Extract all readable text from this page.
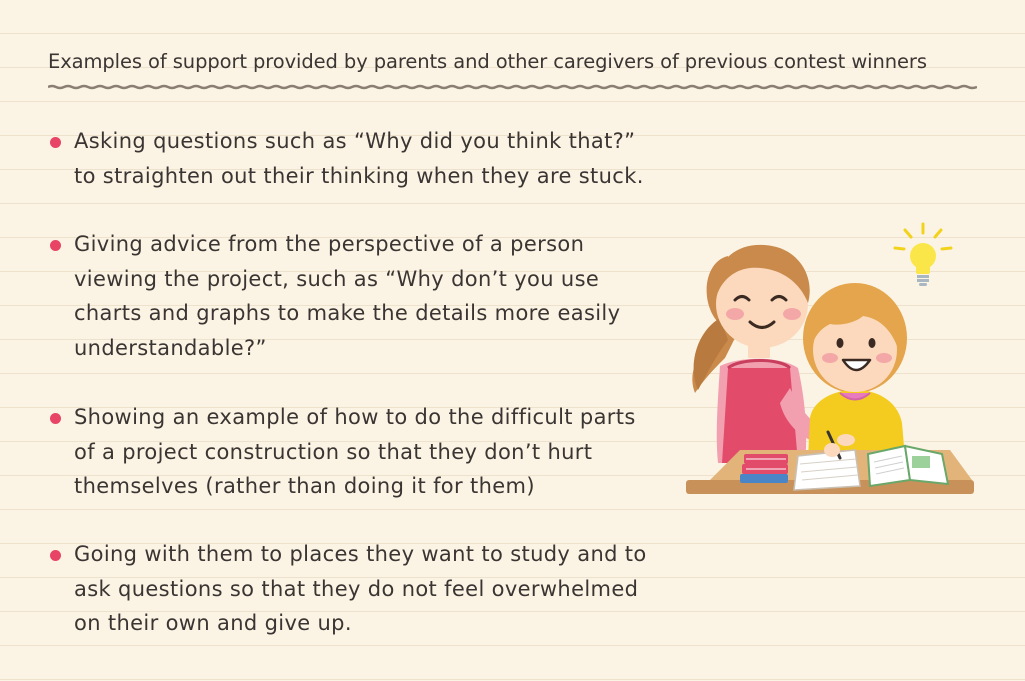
Examples of support provided by parents and other caregivers of previous contest winners
Asking questions such as “Why did you think that?”
to straighten out their thinking when they are stuck.
Giving advice from the perspective of a person
viewing the project, such as “Why don’t you use
charts and graphs to make the details more easily
understandable?”
Showing an example of how to do the difficult parts
of a project construction so that they don’t hurt
themselves (rather than doing it for them)
Going with them to places they want to study and to
ask questions so that they do not feel overwhelmed
on their own and give up.
